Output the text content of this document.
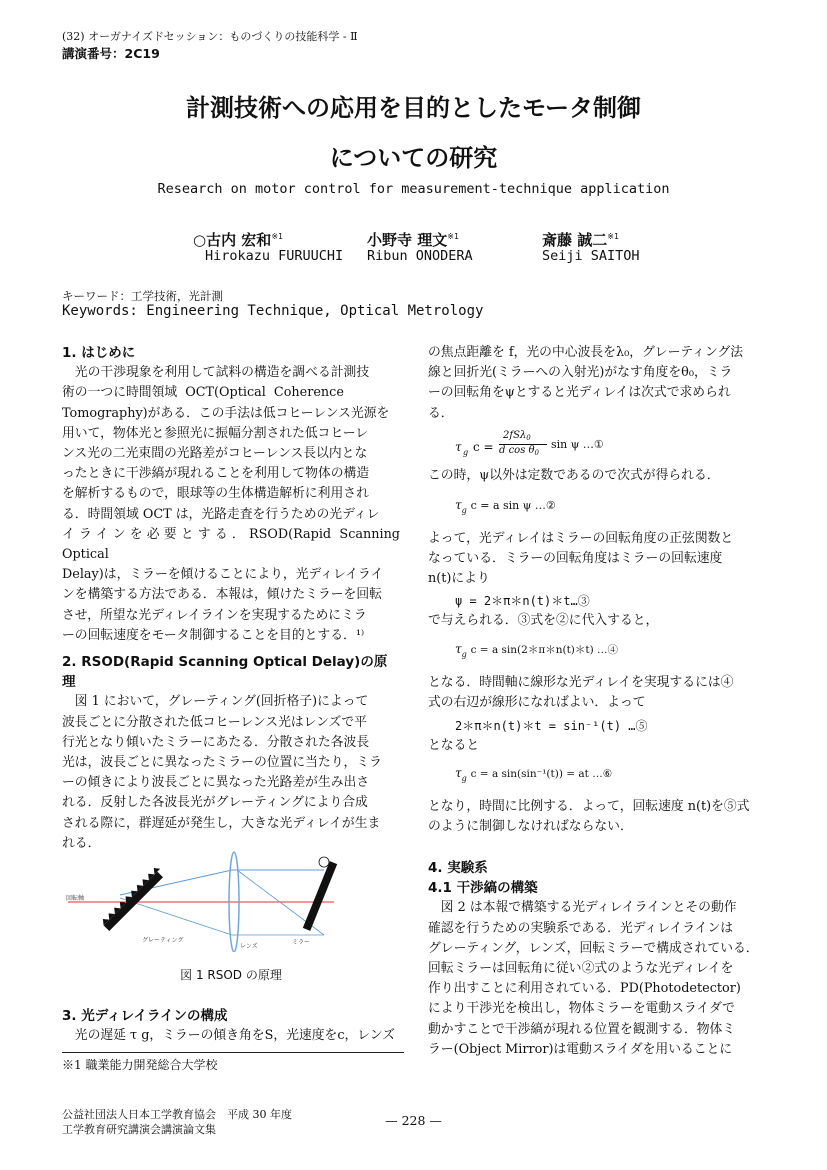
(32) オーガナイズドセッション：ものづくりの技能科学 - Ⅱ
講演番号：2C19
計測技術への応用を目的としたモータ制御
についての研究
Research on motor control for measurement-technique application
○古内 宏和$^{※1}$
Hirokazu FURUUCHI
小野寺 理文$^{※1}$
Ribun ONODERA
斎藤 誠二$^{※1}$
Seiji SAITOH
キーワード：工学技術，光計測
Keywords: Engineering Technique, Optical Metrology
1. はじめに

光の干渉現象を利用して試料の構造を調べる計測技

術の一つに時間領域 OCT(Optical Coherence

Tomography)がある．この手法は低コヒーレンス光源を

用いて，物体光と参照光に振幅分割された低コヒーレ

ンス光の二光束間の光路差がコヒーレンス長以内とな

ったときに干渉縞が現れることを利用して物体の構造

を解析するもので，眼球等の生体構造解析に利用され

る．時間領域 OCT は，光路走査を行うための光ディレ

イラインを必要とする．RSOD(Rapid Scanning Optical

Delay)は，ミラーを傾けることにより，光ディレイライ

ンを構築する方法である．本報は，傾けたミラーを回転

させ，所望な光ディレイラインを実現するためにミラ

ーの回転速度をモータ制御することを目的とする．¹⁾

2. RSOD(Rapid Scanning Optical Delay)の原理

図 1 において，グレーティング(回折格子)によって

波長ごとに分散された低コヒーレンス光はレンズで平

行光となり傾いたミラーにあたる．分散された各波長

光は，波長ごとに異なったミラーの位置に当たり，ミラ

ーの傾きにより波長ごとに異なった光路差が生み出さ

れる．反射した各波長光がグレーティングにより合成

される際に，群遅延が発生し，大きな光ディレイが生ま

れる．

回転軸
グレーティング
レンズ
ミラー
図 1 RSOD の原理
3. 光ディレイラインの構成

光の遅延 τ g，ミラーの傾き角をS，光速度をc，レンズ

※1 職業能力開発総合大学校

の焦点距離を f，光の中心波長をλ₀，グレーティング法

線と回折光(ミラーへの入射光)がなす角度をθ₀，ミラ

ーの回転角をψとすると光ディレイは次式で求められ

る．

τ g c =
2fSλ$_0$
d $\cos \theta_0$
sin ψ …①
この時，ψ以外は定数であるので次式が得られる．
$\tau_g$ c = a sin ψ …②

よって，光ディレイはミラーの回転角度の正弦関数と

なっている．ミラーの回転角度はミラーの回転速度

n(t)により

ψ = 2＊π＊n(t)＊t…③
で与えられる．③式を②に代入すると，
$\tau_g$ c = a sin(2＊π＊n(t)＊t) …④

となる．時間軸に線形な光ディレイを実現するには④

式の右辺が線形になればよい．よって

2＊π＊n(t)＊t = sin⁻¹(t) …⑤
となると
$\tau_g$ c = a sin(sin⁻¹(t)) = at …⑥

となり，時間に比例する．よって，回転速度 n(t)を⑤式

のように制御しなければならない．

4. 実験系
4.1 干渉縞の構築

図 2 は本報で構築する光ディレイラインとその動作

確認を行うための実験系である．光ディレイラインは

グレーティング，レンズ，回転ミラーで構成されている．

回転ミラーは回転角に従い②式のような光ディレイを

作り出すことに利用されている．PD(Photodetector)

により干渉光を検出し，物体ミラーを電動スライダで

動かすことで干渉縞が現れる位置を観測する．物体ミ

ラー(Object Mirror)は電動スライダを用いることに

公益社団法人日本工学教育協会　平成 30 年度
工学教育研究講演会講演論文集
— 228 —
